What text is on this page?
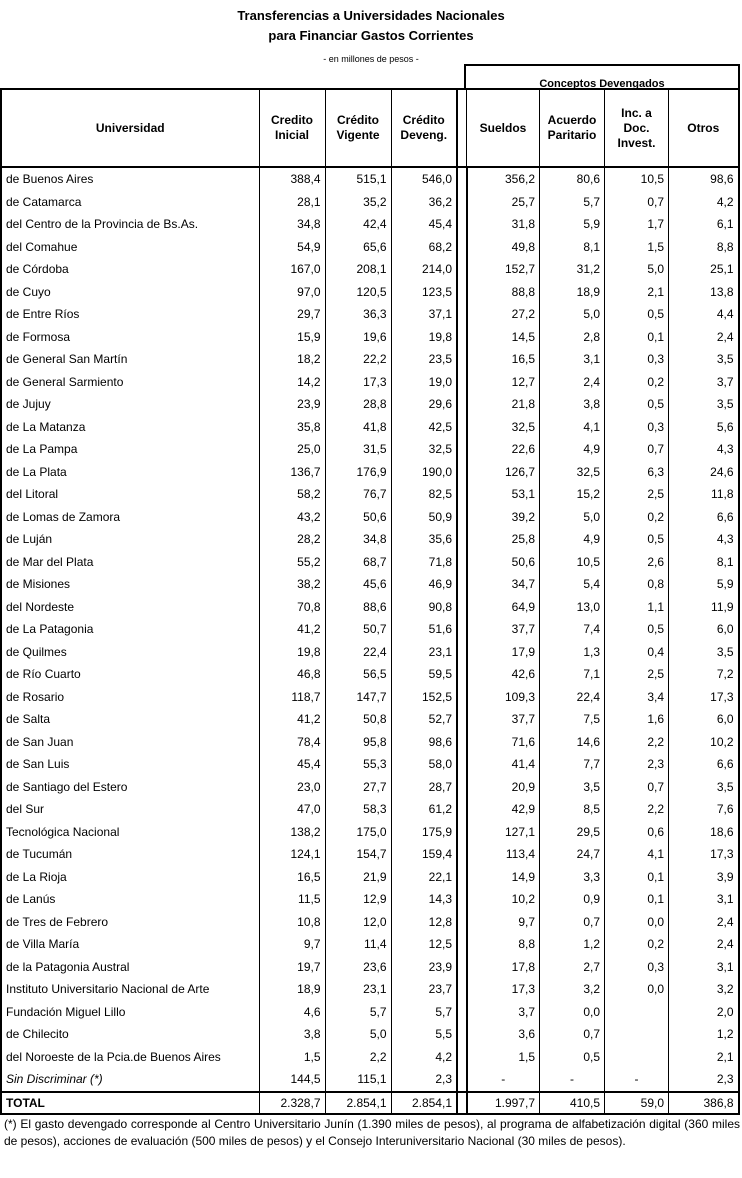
Transferencias a Universidades Nacionales
para Financiar Gastos Corrientes
- en millones de pesos -
Conceptos Devengados
Universidad	Credito Inicial	Crédito Vigente	Crédito Deveng.		Sueldos	Acuerdo Paritario	Inc. a Doc. Invest.	Otros
de Buenos Aires	388,4	515,1	546,0		356,2	80,6	10,5	98,6
de Catamarca	28,1	35,2	36,2		25,7	5,7	0,7	4,2
del Centro de la Provincia de Bs.As.	34,8	42,4	45,4		31,8	5,9	1,7	6,1
del Comahue	54,9	65,6	68,2		49,8	8,1	1,5	8,8
de Córdoba	167,0	208,1	214,0		152,7	31,2	5,0	25,1
de Cuyo	97,0	120,5	123,5		88,8	18,9	2,1	13,8
de Entre Ríos	29,7	36,3	37,1		27,2	5,0	0,5	4,4
de Formosa	15,9	19,6	19,8		14,5	2,8	0,1	2,4
de General San Martín	18,2	22,2	23,5		16,5	3,1	0,3	3,5
de General Sarmiento	14,2	17,3	19,0		12,7	2,4	0,2	3,7
de Jujuy	23,9	28,8	29,6		21,8	3,8	0,5	3,5
de La Matanza	35,8	41,8	42,5		32,5	4,1	0,3	5,6
de La Pampa	25,0	31,5	32,5		22,6	4,9	0,7	4,3
de La Plata	136,7	176,9	190,0		126,7	32,5	6,3	24,6
del Litoral	58,2	76,7	82,5		53,1	15,2	2,5	11,8
de Lomas de Zamora	43,2	50,6	50,9		39,2	5,0	0,2	6,6
de Luján	28,2	34,8	35,6		25,8	4,9	0,5	4,3
de Mar del Plata	55,2	68,7	71,8		50,6	10,5	2,6	8,1
de Misiones	38,2	45,6	46,9		34,7	5,4	0,8	5,9
del Nordeste	70,8	88,6	90,8		64,9	13,0	1,1	11,9
de La Patagonia	41,2	50,7	51,6		37,7	7,4	0,5	6,0
de Quilmes	19,8	22,4	23,1		17,9	1,3	0,4	3,5
de Río Cuarto	46,8	56,5	59,5		42,6	7,1	2,5	7,2
de Rosario	118,7	147,7	152,5		109,3	22,4	3,4	17,3
de Salta	41,2	50,8	52,7		37,7	7,5	1,6	6,0
de San Juan	78,4	95,8	98,6		71,6	14,6	2,2	10,2
de San Luis	45,4	55,3	58,0		41,4	7,7	2,3	6,6
de Santiago del Estero	23,0	27,7	28,7		20,9	3,5	0,7	3,5
del Sur	47,0	58,3	61,2		42,9	8,5	2,2	7,6
Tecnológica Nacional	138,2	175,0	175,9		127,1	29,5	0,6	18,6
de Tucumán	124,1	154,7	159,4		113,4	24,7	4,1	17,3
de La Rioja	16,5	21,9	22,1		14,9	3,3	0,1	3,9
de Lanús	11,5	12,9	14,3		10,2	0,9	0,1	3,1
de Tres de Febrero	10,8	12,0	12,8		9,7	0,7	0,0	2,4
de Villa María	9,7	11,4	12,5		8,8	1,2	0,2	2,4
de la Patagonia Austral	19,7	23,6	23,9		17,8	2,7	0,3	3,1
Instituto Universitario Nacional de Arte	18,9	23,1	23,7		17,3	3,2	0,0	3,2
Fundación Miguel Lillo	4,6	5,7	5,7		3,7	0,0		2,0
de Chilecito	3,8	5,0	5,5		3,6	0,7		1,2
del Noroeste de la Pcia.de Buenos Aires	1,5	2,2	4,2		1,5	0,5		2,1
Sin Discriminar (*)	144,5	115,1	2,3		-	-	-	2,3
TOTAL	2.328,7	2.854,1	2.854,1		1.997,7	410,5	59,0	386,8
(*) El gasto devengado corresponde al Centro Universitario Junín (1.390 miles de pesos), al programa de alfabetización digital (360 miles de pesos), acciones de evaluación (500 miles de pesos) y el Consejo Interuniversitario Nacional (30 miles de pesos).
